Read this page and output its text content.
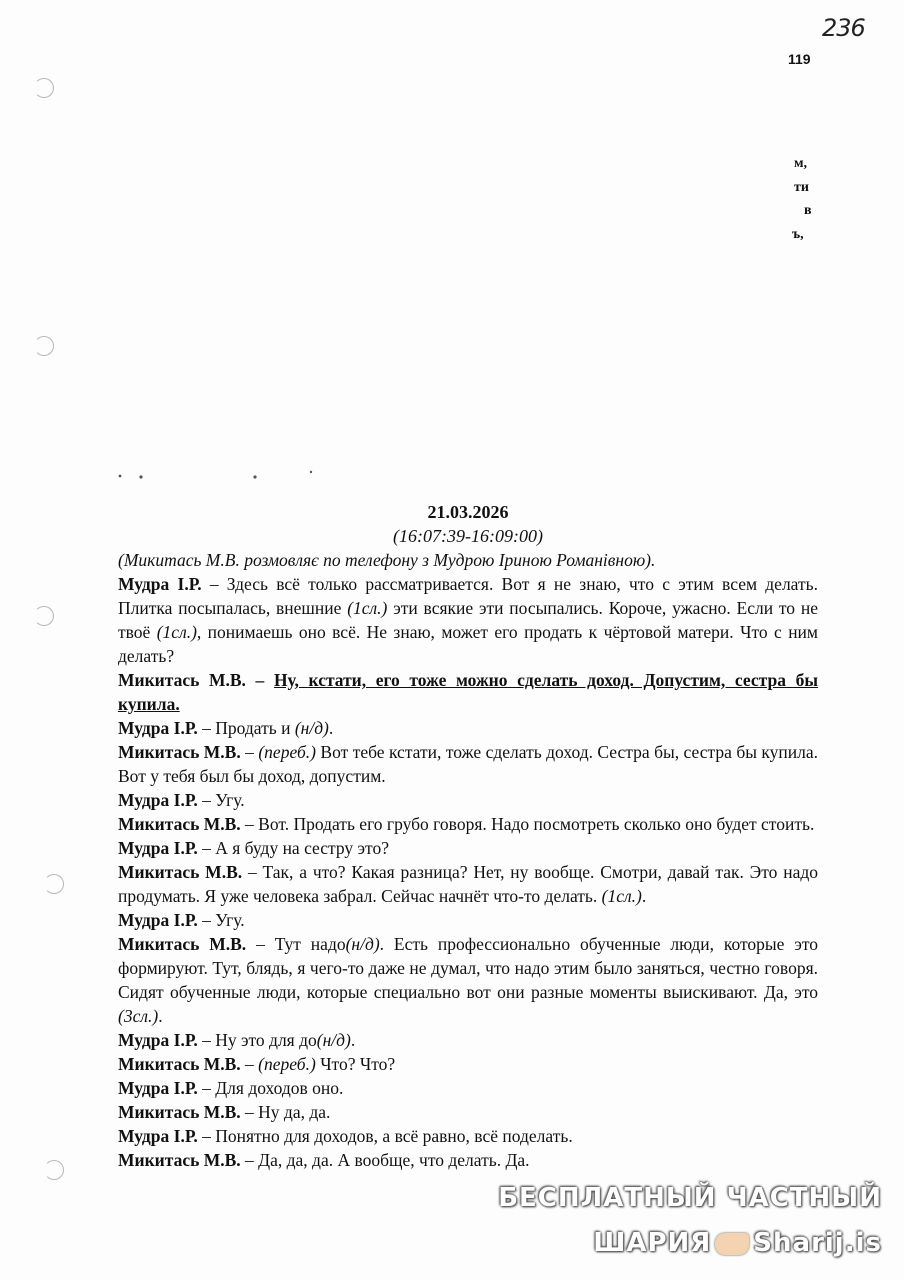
236
119
м,
ти
в
ъ,
21.03.2026
(16:07:39-16:09:00)
(Микитась М.В. розмовляє по телефону з Мудрою Іриною Романівною).

Мудра І.Р. – Здесь всё только рассматривается. Вот я не знаю, что с этим всем делать. Плитка посыпалась, внешние (1сл.) эти всякие эти посыпались. Короче, ужасно. Если то не твоё (1сл.), понимаешь оно всё. Не знаю, может его продать к чёртовой матери. Что с ним делать?

Микитась М.В. – Ну, кстати, его тоже можно сделать доход. Допустим, сестра бы купила.

Мудра І.Р. – Продать и (н/д).

Микитась М.В. – (переб.) Вот тебе кстати, тоже сделать доход. Сестра бы, сестра бы купила. Вот у тебя был бы доход, допустим.

Мудра І.Р. – Угу.

Микитась М.В. – Вот. Продать его грубо говоря. Надо посмотреть сколько оно будет стоить.

Мудра І.Р. – А я буду на сестру это?

Микитась М.В. – Так, а что? Какая разница? Нет, ну вообще. Смотри, давай так. Это надо продумать. Я уже человека забрал. Сейчас начнёт что-то делать. (1сл.).

Мудра І.Р. – Угу.

Микитась М.В. – Тут надо(н/д). Есть профессионально обученные люди, которые это формируют. Тут, блядь, я чего-то даже не думал, что надо этим было заняться, честно говоря. Сидят обученные люди, которые специально вот они разные моменты выискивают. Да, это (3сл.).

Мудра І.Р. – Ну это для до(н/д).

Микитась М.В. – (переб.) Что? Что?

Мудра І.Р. – Для доходов оно.

Микитась М.В. – Ну да, да.

Мудра І.Р. – Понятно для доходов, а всё равно, всё поделать.

Микитась М.В. – Да, да, да. А вообще, что делать. Да.

БЕСПЛАТНЫЙ ЧАСТНЫЙ
ШАРИЯ Sharij.is
